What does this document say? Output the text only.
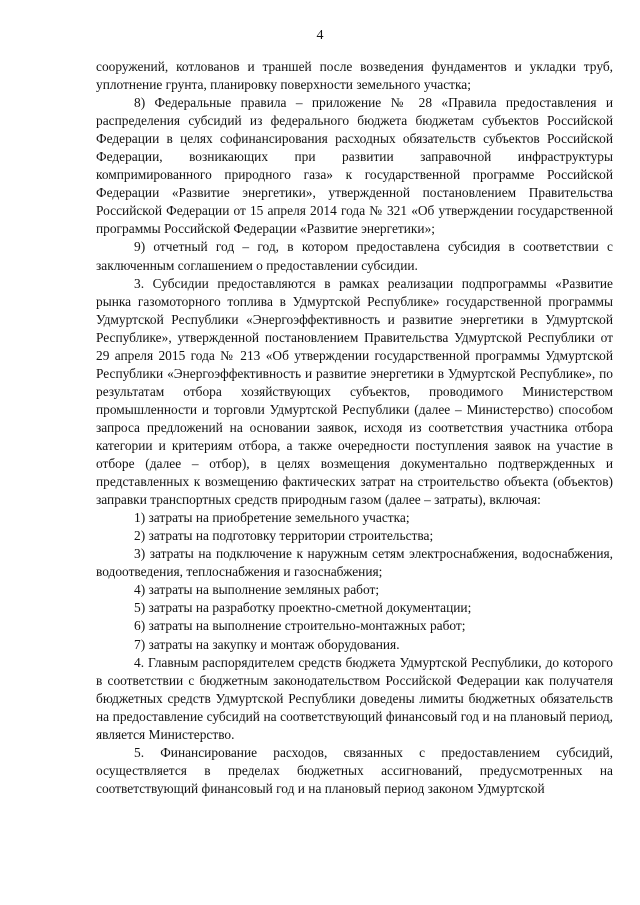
4

сооружений, котлованов и траншей после возведения фундаментов и укладки труб, уплотнение грунта, планировку поверхности земельного участка;

8) Федеральные правила – приложение № 28 «Правила предоставления и распределения субсидий из федерального бюджета бюджетам субъектов Российской Федерации в целях софинансирования расходных обязательств субъектов Российской Федерации, возникающих при развитии заправочной инфраструктуры компримированного природного газа» к государственной программе Российской Федерации «Развитие энергетики», утвержденной постановлением Правительства Российской Федерации от 15 апреля 2014 года № 321 «Об утверждении государственной программы Российской Федерации «Развитие энергетики»;

9) отчетный год – год, в котором предоставлена субсидия в соответствии с заключенным соглашением о предоставлении субсидии.

3. Субсидии предоставляются в рамках реализации подпрограммы «Развитие рынка газомоторного топлива в Удмуртской Республике» государственной программы Удмуртской Республики «Энергоэффективность и развитие энергетики в Удмуртской Республике», утвержденной постановлением Правительства Удмуртской Республики от 29 апреля 2015 года № 213 «Об утверждении государственной программы Удмуртской Республики «Энергоэффективность и развитие энергетики в Удмуртской Республике», по результатам отбора хозяйствующих субъектов, проводимого Министерством промышленности и торговли Удмуртской Республики (далее – Министерство) способом запроса предложений на основании заявок, исходя из соответствия участника отбора категории и критериям отбора, а также очередности поступления заявок на участие в отборе (далее – отбор), в целях возмещения документально подтвержденных и представленных к возмещению фактических затрат на строительство объекта (объектов) заправки транспортных средств природным газом (далее – затраты), включая:

1) затраты на приобретение земельного участка;

2) затраты на подготовку территории строительства;

3) затраты на подключение к наружным сетям электроснабжения, водоснабжения, водоотведения, теплоснабжения и газоснабжения;

4) затраты на выполнение земляных работ;

5) затраты на разработку проектно-сметной документации;

6) затраты на выполнение строительно-монтажных работ;

7) затраты на закупку и монтаж оборудования.

4. Главным распорядителем средств бюджета Удмуртской Республики, до которого в соответствии с бюджетным законодательством Российской Федерации как получателя бюджетных средств Удмуртской Республики доведены лимиты бюджетных обязательств на предоставление субсидий на соответствующий финансовый год и на плановый период, является Министерство.

5. Финансирование расходов, связанных с предоставлением субсидий, осуществляется в пределах бюджетных ассигнований, предусмотренных на соответствующий финансовый год и на плановый период законом Удмуртской
